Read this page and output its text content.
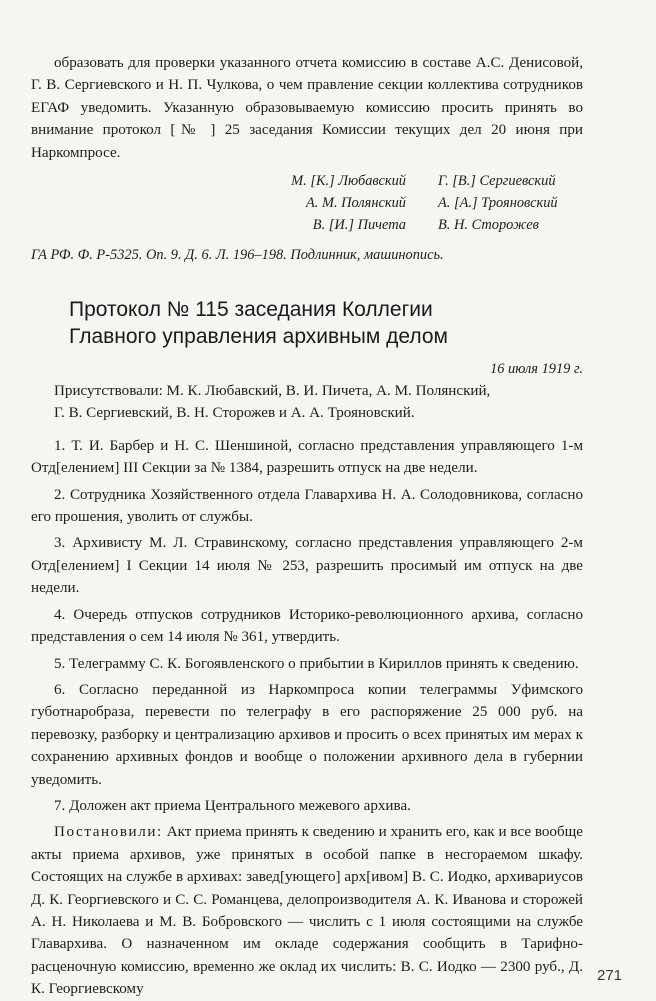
образовать для проверки указанного отчета комиссию в составе А.С. Денисовой, Г. В. Сергиевского и Н. П. Чулкова, о чем правление секции коллектива сотрудников ЕГАФ уведомить. Указанную образовываемую комиссию просить принять во внимание протокол [№ ] 25 заседания Комиссии текущих дел 20 июня при Наркомпросе.

М. [К.] Любавский	Г. [В.] Сергиевский
А. М. Полянский	А. [А.] Трояновский
В. [И.] Пичета	В. Н. Сторожев
ГА РФ. Ф. Р-5325. Оп. 9. Д. 6. Л. 196–198. Подлинник, машинопись.
Протокол № 115 заседания Коллегии
Главного управления архивным делом
16 июля 1919 г.

Присутствовали: М. К. Любавский, В. И. Пичета, А. М. Полянский,

Г. В. Сергиевский, В. Н. Сторожев и А. А. Трояновский.

1. Т. И. Барбер и Н. С. Шеншиной, согласно представления управляющего 1-м Отд[елением] III Секции за № 1384, разрешить отпуск на две недели.

2. Сотрудника Хозяйственного отдела Главархива Н. А. Солодовникова, согласно его прошения, уволить от службы.

3. Архивисту М. Л. Стравинскому, согласно представления управляющего 2-м Отд[елением] I Секции 14 июля № 253, разрешить просимый им отпуск на две недели.

4. Очередь отпусков сотрудников Историко-революционного архива, согласно представления о сем 14 июля № 361, утвердить.

5. Телеграмму С. К. Богоявленского о прибытии в Кириллов принять к сведению.

6. Согласно переданной из Наркомпроса копии телеграммы Уфимского губотнаробраза, перевести по телеграфу в его распоряжение 25 000 руб. на перевозку, разборку и централизацию архивов и просить о всех принятых им мерах к сохранению архивных фондов и вообще о положении архивного дела в губернии уведомить.

7. Доложен акт приема Центрального межевого архива.

Постановили: Акт приема принять к сведению и хранить его, как и все вообще акты приема архивов, уже принятых в особой папке в несгораемом шкафу. Состоящих на службе в архивах: завед[ующего] арх[ивом] В. С. Иодко, архивариусов Д. К. Георгиевского и С. С. Романцева, делопроизводителя А. К. Иванова и сторожей А. Н. Николаева и М. В. Бобровского — числить с 1 июля состоящими на службе Главархива. О назначенном им окладе содержания сообщить в Тарифно-расценочную комиссию, временно же оклад их числить: В. С. Иодко — 2300 руб., Д. К. Георгиевскому

271
